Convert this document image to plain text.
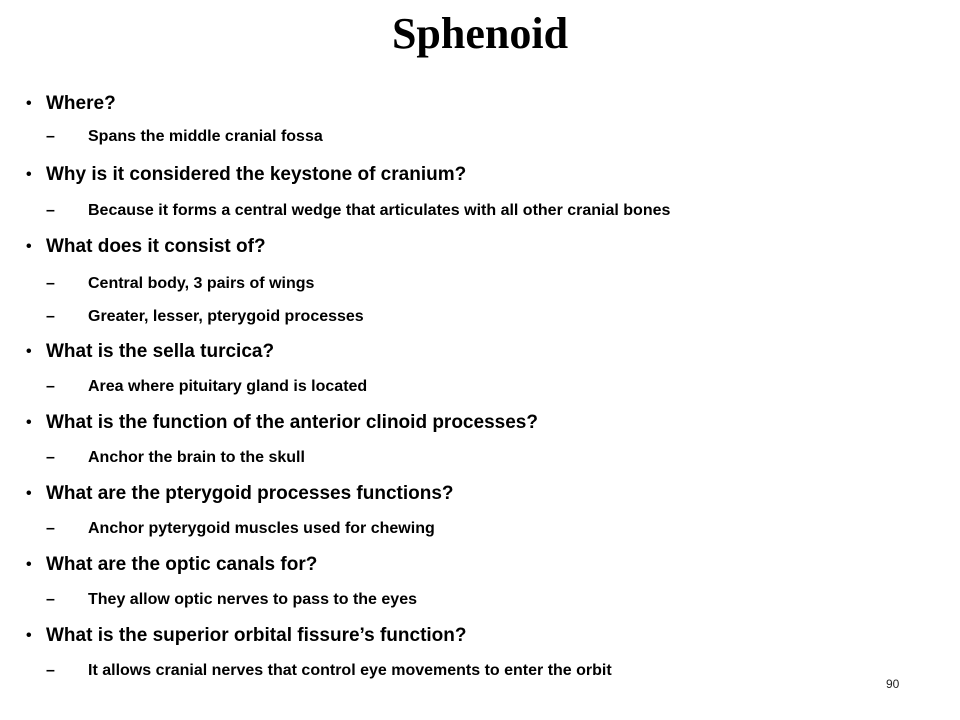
Sphenoid
• Where?
– Spans the middle cranial fossa
• Why is it considered the keystone of cranium?
– Because it forms a central wedge that articulates with all other cranial bones
• What does it consist of?
– Central body, 3 pairs of wings
– Greater, lesser, pterygoid processes
• What is the sella turcica?
– Area where pituitary gland is located
• What is the function of the anterior clinoid processes?
– Anchor the brain to the skull
• What are the pterygoid processes functions?
– Anchor pyterygoid muscles used for chewing
• What are the optic canals for?
– They allow optic nerves to pass to the eyes
• What is the superior orbital fissure’s function?
– It allows cranial nerves that control eye movements to enter the orbit
90
